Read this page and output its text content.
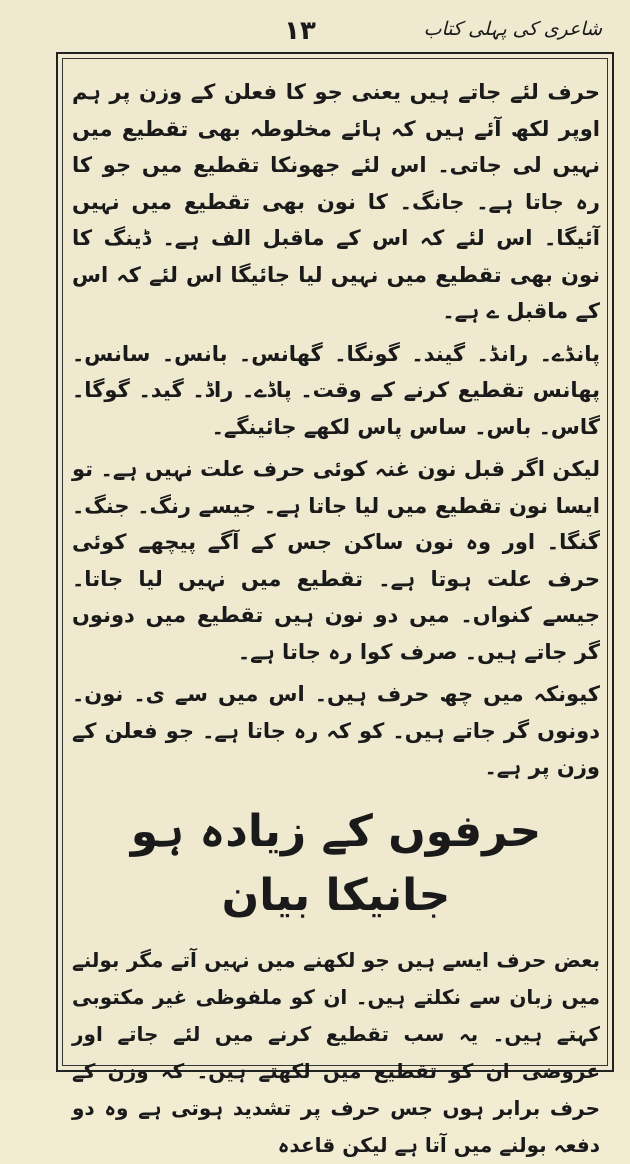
۱۳	شاعری کی پہلی کتاب

حرف لئے جاتے ہیں یعنی جو کا فعلن کے وزن پر ہم اوپر لکھ آئے ہیں کہ ہائے مخلوطہ بھی تقطیع میں نہیں لی جاتی۔ اس لئے جھونکا تقطیع میں جو کا رہ جاتا ہے۔ جانگ۔ کا نون بھی تقطیع میں نہیں آئیگا۔ اس لئے کہ اس کے ماقبل الف ہے۔ ڈینگ کا نون بھی تقطیع میں نہیں لیا جائیگا اس لئے کہ اس کے ماقبل ے ہے۔

پانڈے۔ رانڈ۔ گیند۔ گونگا۔ گھانس۔ بانس۔ سانس۔ پھانس تقطیع کرنے کے وقت۔ پاڈے۔ راڈ۔ گید۔ گوگا۔ گاس۔ باس۔ ساس پاس لکھے جائینگے۔

لیکن اگر قبل نون غنہ کوئی حرف علت نہیں ہے۔ تو ایسا نون تقطیع میں لیا جاتا ہے۔ جیسے رنگ۔ جنگ۔ گنگا۔ اور وہ نون ساکن جس کے آگے پیچھے کوئی حرف علت ہوتا ہے۔ تقطیع میں نہیں لیا جاتا۔ جیسے کنواں۔ میں دو نون ہیں تقطیع میں دونوں گر جاتے ہیں۔ صرف کوا رہ جاتا ہے۔

کیونکہ میں چھ حرف ہیں۔ اس میں سے ی۔ نون۔ دونوں گر جاتے ہیں۔ کو کہ رہ جاتا ہے۔ جو فعلن کے وزن پر ہے۔

حرفوں کے زیادہ ہو جانیکا بیان

بعض حرف ایسے ہیں جو لکھنے میں نہیں آتے مگر بولنے میں زبان سے نکلتے ہیں۔ ان کو ملفوظی غیر مکتوبی کہتے ہیں۔ یہ سب تقطیع کرنے میں لئے جاتے اور عروضی ان کو تقطیع میں لکھتے ہیں۔ کہ وزن کے حرف برابر ہوں جس حرف پر تشدید ہوتی ہے وہ دو دفعہ بولنے میں آتا ہے لیکن قاعدہ
